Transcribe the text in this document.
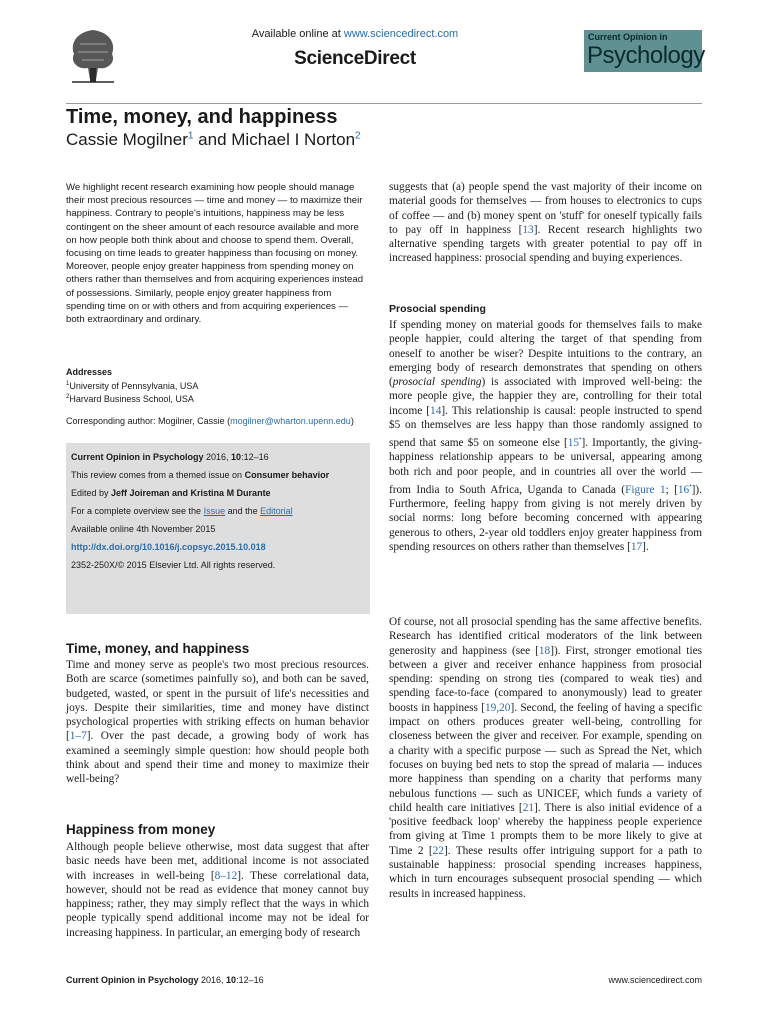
Available online at www.sciencedirect.com
ScienceDirect
Current Opinion in
Psychology
Time, money, and happiness
Cassie Mogilner$^1$ and Michael I Norton$^2$

We highlight recent research examining how people should manage their most precious resources — time and money — to maximize their happiness. Contrary to people's intuitions, happiness may be less contingent on the sheer amount of each resource available and more on how people both think about and choose to spend them. Overall, focusing on time leads to greater happiness than focusing on money. Moreover, people enjoy greater happiness from spending money on others rather than themselves and from acquiring experiences instead of possessions. Similarly, people enjoy greater happiness from spending time on or with others and from acquiring experiences — both extraordinary and ordinary.

Addresses
$^1$University of Pennsylvania, USA
$^2$Harvard Business School, USA
Corresponding author: Mogilner, Cassie (mogilner@wharton.upenn.edu)
Current Opinion in Psychology 2016, 10:12–16
This review comes from a themed issue on Consumer behavior
Edited by Jeff Joireman and Kristina M Durante
For a complete overview see the Issue and the Editorial
Available online 4th November 2015
http://dx.doi.org/10.1016/j.copsyc.2015.10.018
2352-250X/© 2015 Elsevier Ltd. All rights reserved.
Time, money, and happiness

Time and money serve as people's two most precious resources. Both are scarce (sometimes painfully so), and both can be saved, budgeted, wasted, or spent in the pursuit of life's necessities and joys. Despite their similarities, time and money have distinct psychological properties with striking effects on human behavior [1–7]. Over the past decade, a growing body of work has examined a seemingly simple question: how should people both think about and spend their time and money to maximize their well-being?

Happiness from money

Although people believe otherwise, most data suggest that after basic needs have been met, additional income is not associated with increases in well-being [8–12]. These correlational data, however, should not be read as evidence that money cannot buy happiness; rather, they may simply reflect that the ways in which people typically spend additional income may not be ideal for increasing happiness. In particular, an emerging body of research

suggests that (a) people spend the vast majority of their income on material goods for themselves — from houses to electronics to cups of coffee — and (b) money spent on 'stuff' for oneself typically fails to pay off in happiness [13]. Recent research highlights two alternative spending targets with greater potential to pay off in increased happiness: prosocial spending and buying experiences.

Prosocial spending

If spending money on material goods for themselves fails to make people happier, could altering the target of that spending from oneself to another be wiser? Despite intuitions to the contrary, an emerging body of research demonstrates that spending on others (prosocial spending) is associated with improved well-being: the more people give, the happier they are, controlling for their total income [14]. This relationship is causal: people instructed to spend $5 on themselves are less happy than those randomly assigned to spend that same $5 on someone else [15•]. Importantly, the giving-happiness relationship appears to be universal, appearing among both rich and poor people, and in countries all over the world — from India to South Africa, Uganda to Canada (Figure 1; [16•]). Furthermore, feeling happy from giving is not merely driven by social norms: long before becoming concerned with appearing generous to others, 2-year old toddlers enjoy greater happiness from spending resources on others rather than themselves [17].

Of course, not all prosocial spending has the same affective benefits. Research has identified critical moderators of the link between generosity and happiness (see [18]). First, stronger emotional ties between a giver and receiver enhance happiness from prosocial spending: spending on strong ties (compared to weak ties) and spending face-to-face (compared to anonymously) lead to greater boosts in happiness [19,20]. Second, the feeling of having a specific impact on others produces greater well-being, controlling for closeness between the giver and receiver. For example, spending on a charity with a specific purpose — such as Spread the Net, which focuses on buying bed nets to stop the spread of malaria — induces more happiness than spending on a charity that performs many nebulous functions — such as UNICEF, which funds a variety of child health care initiatives [21]. There is also initial evidence of a 'positive feedback loop' whereby the happiness people experience from giving at Time 1 prompts them to be more likely to give at Time 2 [22]. These results offer intriguing support for a path to sustainable happiness: prosocial spending increases happiness, which in turn encourages subsequent prosocial spending — which results in increased happiness.

Current Opinion in Psychology 2016, 10:12–16	www.sciencedirect.com
